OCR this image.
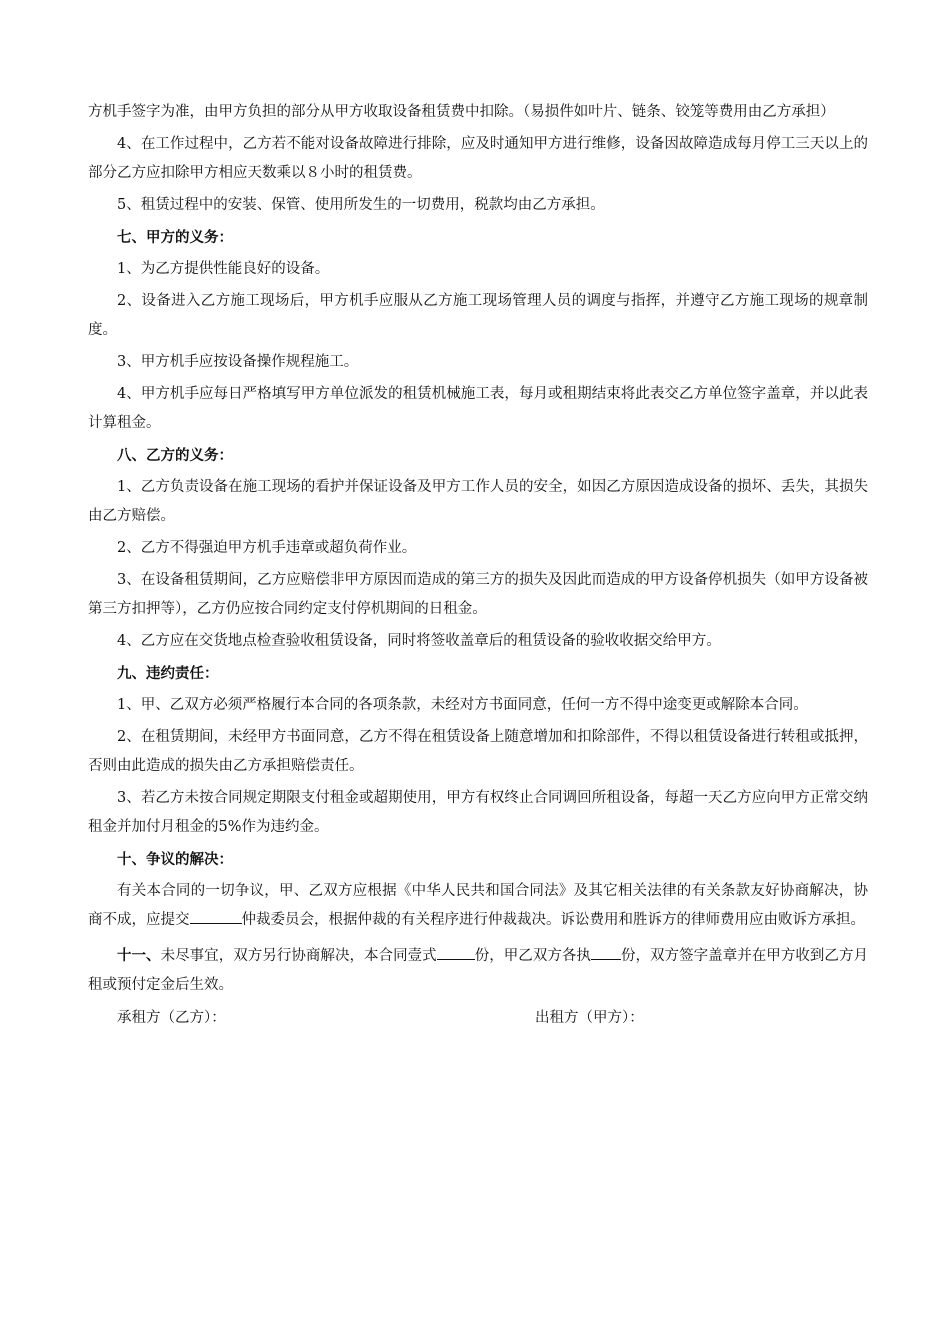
方机手签字为准，由甲方负担的部分从甲方收取设备租赁费中扣除。（易损件如叶片、链条、铰笼等费用由乙方承担）

4、在工作过程中，乙方若不能对设备故障进行排除，应及时通知甲方进行维修，设备因故障造成每月停工三天以上的部分乙方应扣除甲方相应天数乘以８小时的租赁费。

5、租赁过程中的安装、保管、使用所发生的一切费用，税款均由乙方承担。

七、甲方的义务：

1、为乙方提供性能良好的设备。

2、设备进入乙方施工现场后，甲方机手应服从乙方施工现场管理人员的调度与指挥，并遵守乙方施工现场的规章制度。

3、甲方机手应按设备操作规程施工。

4、甲方机手应每日严格填写甲方单位派发的租赁机械施工表，每月或租期结束将此表交乙方单位签字盖章，并以此表计算租金。

八、乙方的义务：

1、乙方负责设备在施工现场的看护并保证设备及甲方工作人员的安全，如因乙方原因造成设备的损坏、丢失，其损失由乙方赔偿。

2、乙方不得强迫甲方机手违章或超负荷作业。

3、在设备租赁期间，乙方应赔偿非甲方原因而造成的第三方的损失及因此而造成的甲方设备停机损失（如甲方设备被第三方扣押等），乙方仍应按合同约定支付停机期间的日租金。

4、乙方应在交货地点检查验收租赁设备，同时将签收盖章后的租赁设备的验收收据交给甲方。

九、违约责任：

1、甲、乙双方必须严格履行本合同的各项条款，未经对方书面同意，任何一方不得中途变更或解除本合同。

2、在租赁期间，未经甲方书面同意，乙方不得在租赁设备上随意增加和扣除部件，不得以租赁设备进行转租或抵押，否则由此造成的损失由乙方承担赔偿责任。

3、若乙方未按合同规定期限支付租金或超期使用，甲方有权终止合同调回所租设备，每超一天乙方应向甲方正常交纳租金并加付月租金的5%作为违约金。

十、争议的解决：

有关本合同的一切争议，甲、乙双方应根据《中华人民共和国合同法》及其它相关法律的有关条款友好协商解决，协商不成，应提交	仲裁委员会，根据仲裁的有关程序进行仲裁裁决。诉讼费用和胜诉方的律师费用应由败诉方承担。

十一、未尽事宜，双方另行协商解决，本合同壹式	份，甲乙双方各执 份，双方签字盖章并在甲方收到乙方月租或预付定金后生效。

承租方（乙方）：	出租方（甲方）：
